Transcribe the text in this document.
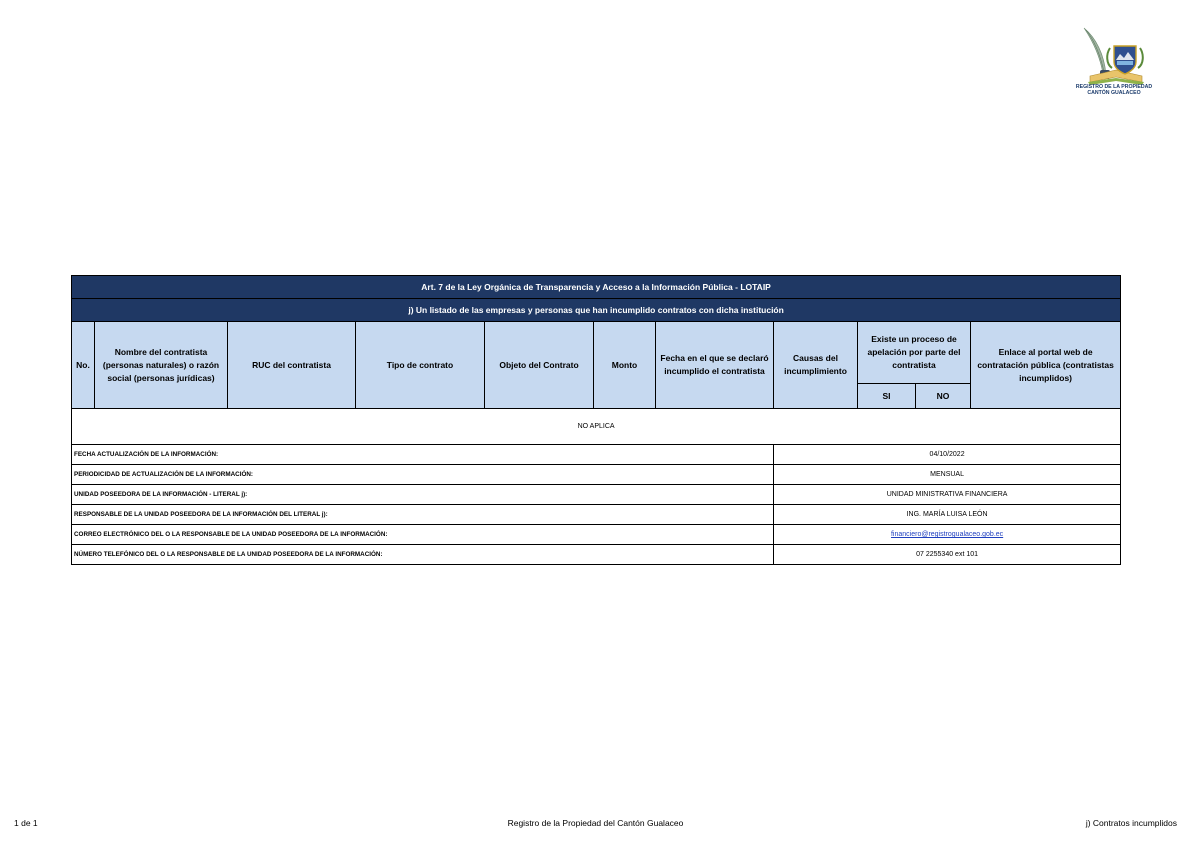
REGISTRO DE LA PROPIEDAD
CANTÓN GUALACEO
Art. 7 de la Ley Orgánica de Transparencia y Acceso a la Información Pública - LOTAIP										
j) Un listado de las empresas y personas que han incumplido contratos con dicha institución										
No.	Nombre del contratista (personas naturales) o razón social (personas jurídicas)	RUC del contratista	Tipo de contrato	Objeto del Contrato	Monto	Fecha en el que se declaró incumplido el contratista	Causas del incumplimiento	Existe un proceso de apelación por parte del contratista		Enlace al portal web de contratación pública (contratistas incumplidos)
								SI	NO	
NO APLICA										
FECHA ACTUALIZACIÓN DE LA INFORMACIÓN:							04/10/2022			
PERIODICIDAD DE ACTUALIZACIÓN DE LA INFORMACIÓN:							MENSUAL			
UNIDAD POSEEDORA DE LA INFORMACIÓN - LITERAL j):							UNIDAD MINISTRATIVA FINANCIERA			
RESPONSABLE DE LA UNIDAD POSEEDORA DE LA INFORMACIÓN DEL LITERAL j):							ING. MARÍA LUISA LEÓN			
CORREO ELECTRÓNICO DEL O LA RESPONSABLE DE LA UNIDAD POSEEDORA DE LA INFORMACIÓN:							financiero@registrogualaceo.gob.ec			
NÚMERO TELEFÓNICO DEL O LA RESPONSABLE DE LA UNIDAD POSEEDORA DE LA INFORMACIÓN:							07 2255340 ext 101			
1 de 1	Registro de la Propiedad del Cantón Gualaceo	j) Contratos incumplidos
